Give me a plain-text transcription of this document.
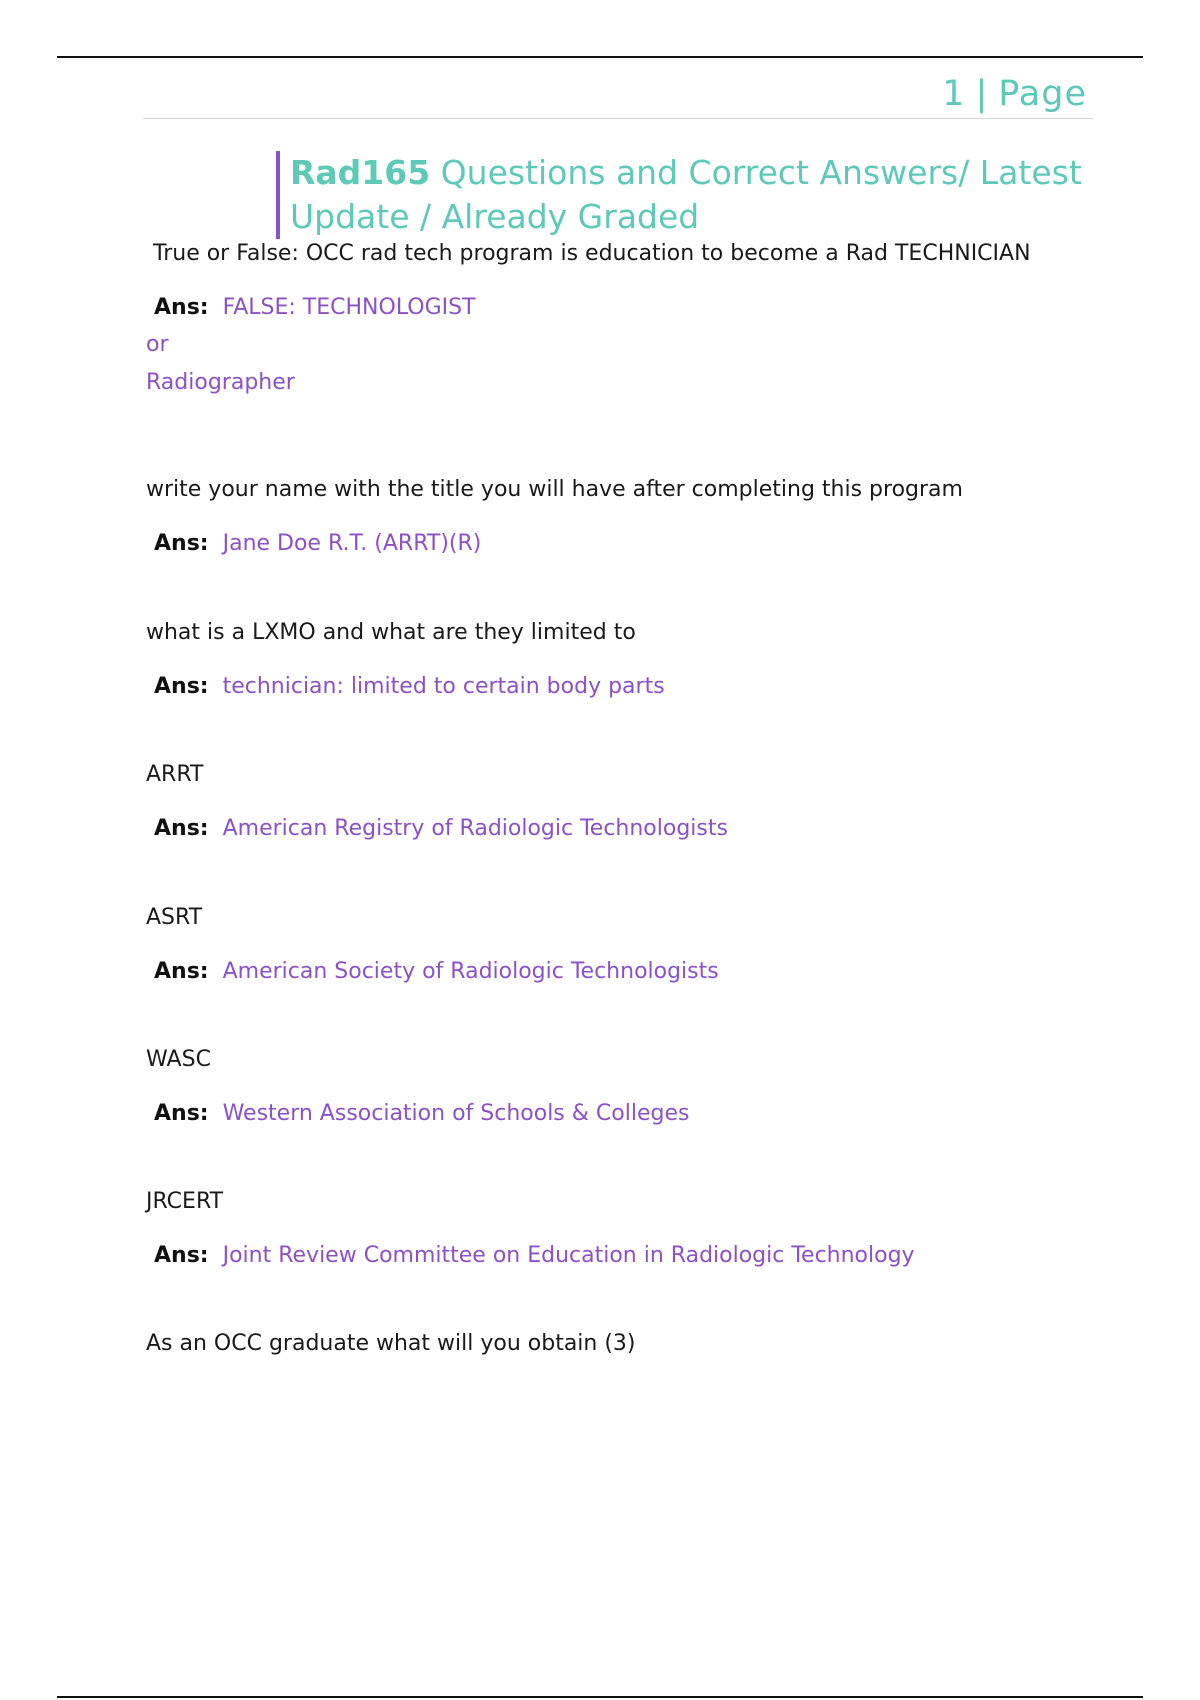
1 | Page
Rad165 Questions and Correct Answers/ Latest
Update / Already Graded
True or False: OCC rad tech program is education to become a Rad TECHNICIAN
Ans: FALSE: TECHNOLOGIST
or
Radiographer
write your name with the title you will have after completing this program
Ans: Jane Doe R.T. (ARRT)(R)
what is a LXMO and what are they limited to
Ans: technician: limited to certain body parts
ARRT
Ans: American Registry of Radiologic Technologists
ASRT
Ans: American Society of Radiologic Technologists
WASC
Ans: Western Association of Schools & Colleges
JRCERT
Ans: Joint Review Committee on Education in Radiologic Technology
As an OCC graduate what will you obtain (3)
